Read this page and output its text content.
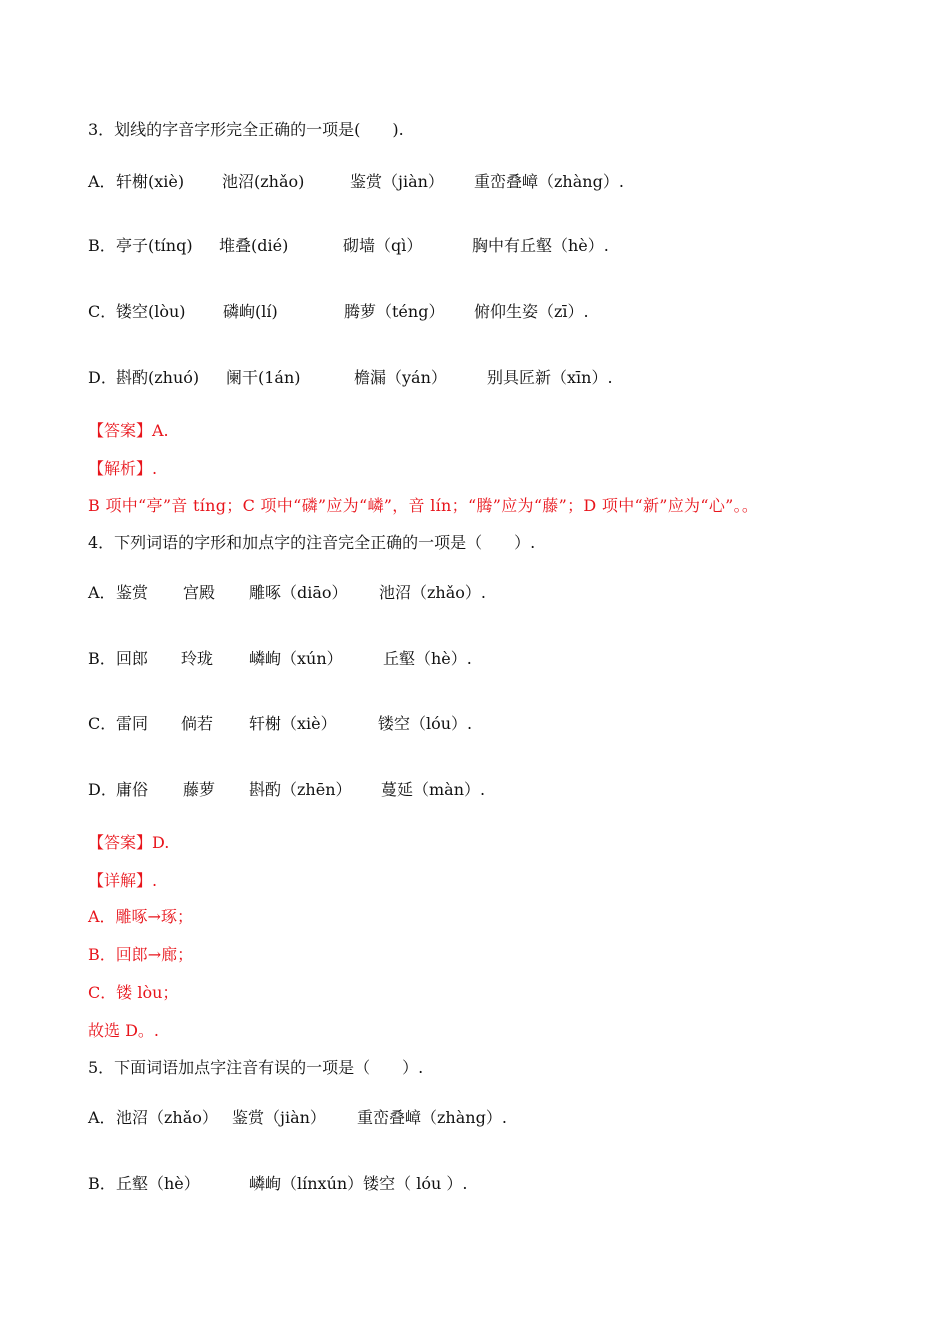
3．划线的字音字形完全正确的一项是(　　).
A． 轩榭(xiè) 池沼(zhǎo)	鉴赏（jiàn） 重峦叠嶂（zhàng）.
B． 亭子(tínq) 堆叠(dié)	砌墙（qì）	胸中有丘壑（hè）.
C． 镂空(lòu) 磷峋(lí)	腾萝（téng） 俯仰生姿（zī）.
D． 斟酌(zhuó) 阑干(1án)	檐漏（yán）	别具匠新（xīn）.
【答案】A.
【解析】.
B 项中“亭”音 tíng；C 项中“磷”应为“嶙”，音 lín；“腾”应为“藤”；D 项中“新”应为“心”。。
4．下列词语的字形和加点字的注音完全正确的一项是（　　）.
A． 鉴赏 宫殿 雕啄（diāo） 池沼（zhǎo）.
B． 回郎 玲珑 嶙峋（xún）	丘壑（hè）.
C． 雷同 倘若 轩榭（xiè）	镂空（lóu）.
D． 庸俗 藤萝 斟酌（zhēn） 蔓延（màn）.
【答案】D.
【详解】.
A．雕啄→琢；
B．回郎→廊；
C．镂 lòu；
故选 D。.
5．下面词语加点字注音有误的一项是（　　）.
A． 池沼（zhǎo） 鉴赏（jiàn） 重峦叠嶂（zhàng）.
B． 丘壑（hè）	嶙峋（línxún）镂空（ lóu ）.
